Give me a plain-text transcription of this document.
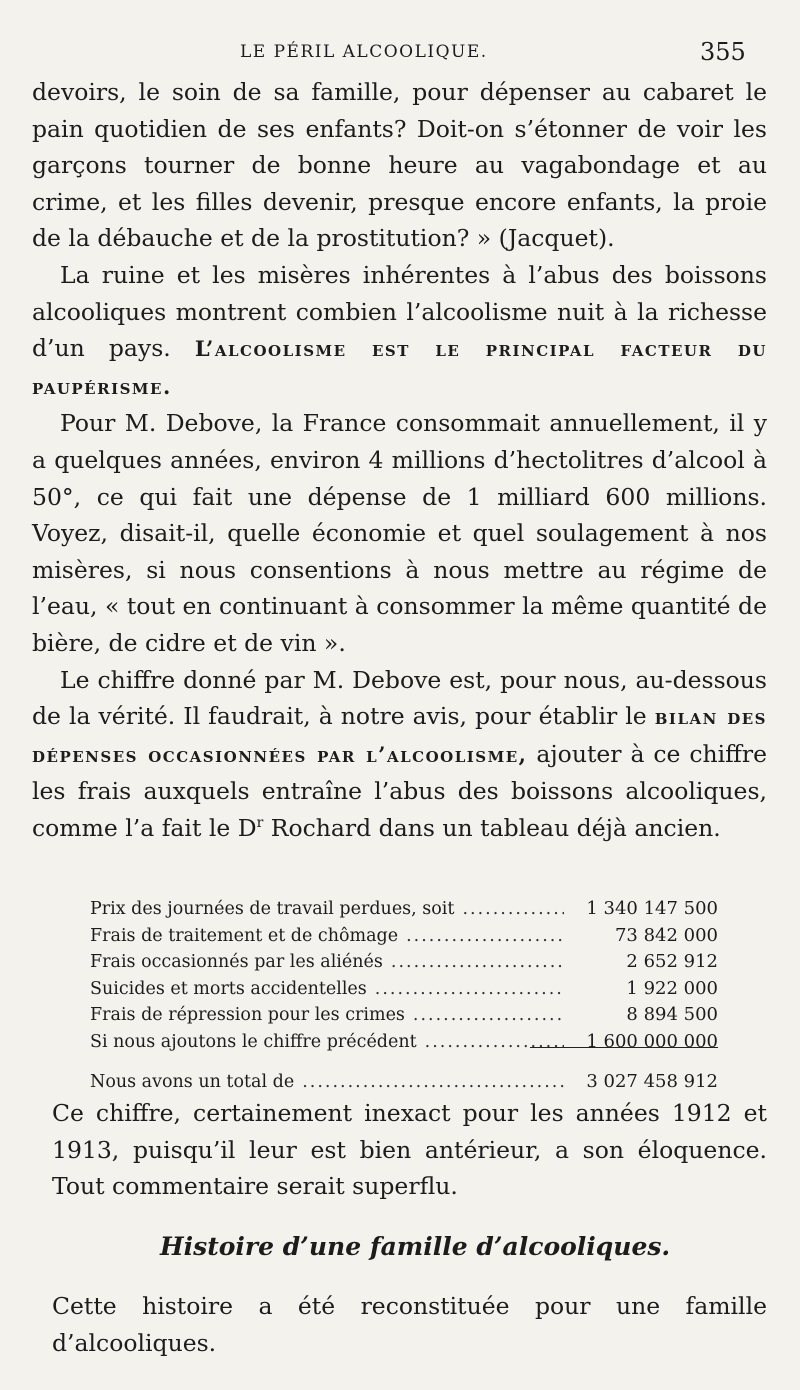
LE PÉRIL ALCOOLIQUE.	355

devoirs, le soin de sa famille, pour dépenser au cabaret le pain quotidien de ses enfants? Doit-on s’étonner de voir les garçons tourner de bonne heure au vagabondage et au crime, et les filles devenir, presque encore enfants, la proie de la débauche et de la prostitution? » (Jacquet).

La ruine et les misères inhérentes à l’abus des boissons alcooliques montrent combien l’alcoolisme nuit à la richesse d’un pays. L’alcoolisme est le principal facteur du paupérisme.

Pour M. Debove, la France consommait annuellement, il y a quelques années, environ 4 millions d’hectolitres d’alcool à 50°, ce qui fait une dépense de 1 milliard 600 millions. Voyez, disait-il, quelle économie et quel soulagement à nos misères, si nous consentions à nous mettre au régime de l’eau, « tout en continuant à consommer la même quantité de bière, de cidre et de vin ».

Le chiffre donné par M. Debove est, pour nous, au-dessous de la vérité. Il faudrait, à notre avis, pour établir le bilan des dépenses occasionnées par l’alcoolisme, ajouter à ce chiffre les frais auxquels entraîne l’abus des boissons alcooliques, comme l’a fait le $D^r$ Rochard dans un tableau déjà ancien.

Prix des journées de travail perdues, soit .....	1 340 147 500
Frais de traitement et de chômage .....	73 842 000
Frais occasionnés par les aliénés .....	2 652 912
Suicides et morts accidentelles .....	1 922 000
Frais de répression pour les crimes .....	8 894 500
Si nous ajoutons le chiffre précédent .....	1 600 000 000
Nous avons un total de .....	3 027 458 912

Ce chiffre, certainement inexact pour les années 1912 et 1913, puisqu’il leur est bien antérieur, a son éloquence. Tout commentaire serait superflu.

Histoire d’une famille d’alcooliques.

Cette histoire a été reconstituée pour une famille d’alcooliques.
